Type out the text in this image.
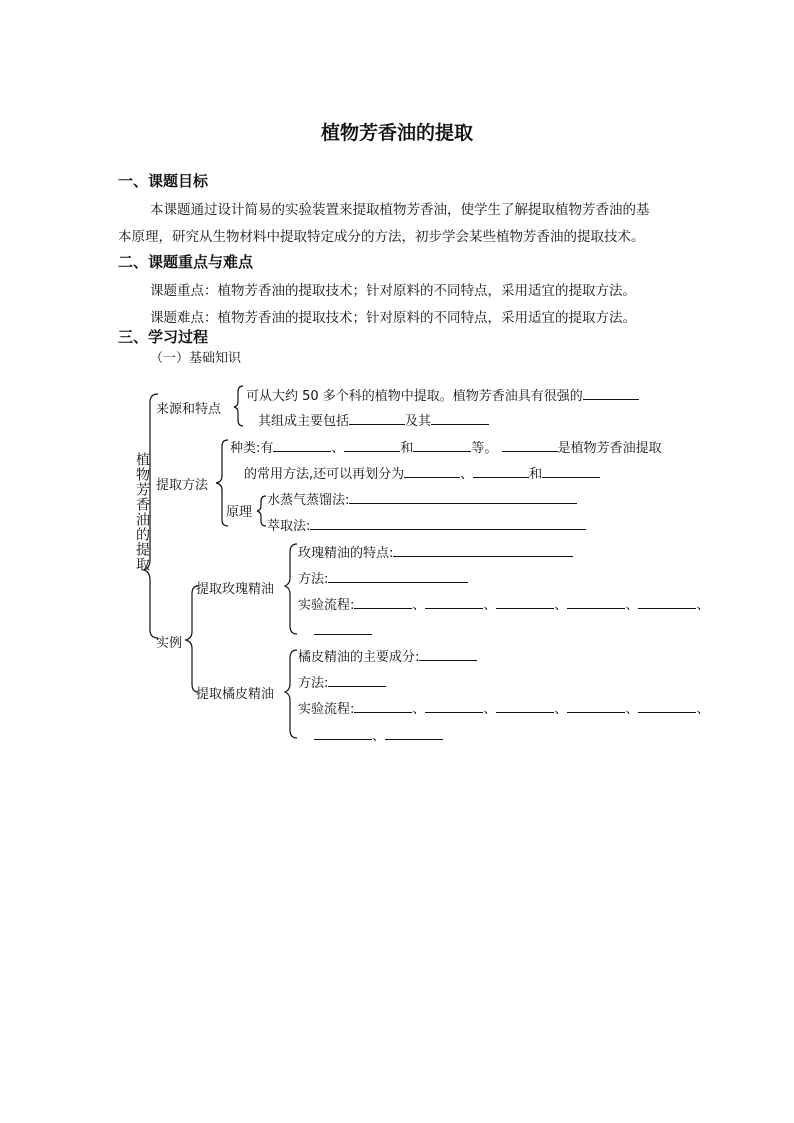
植物芳香油的提取
一、课题目标
本课题通过设计简易的实验装置来提取植物芳香油，使学生了解提取植物芳香油的基
本原理，研究从生物材料中提取特定成分的方法，初步学会某些植物芳香油的提取技术。
二、课题重点与难点
课题重点：植物芳香油的提取技术；针对原料的不同特点，采用适宜的提取方法。
课题难点：植物芳香油的提取技术；针对原料的不同特点，采用适宜的提取方法。
三、学习过程
（一）基础知识
植物芳香油的提取
来源和特点
可从大约 50 多个科的植物中提取。植物芳香油具有很强的
其组成主要包括	及其
提取方法
种类:有	、	和	等。	是植物芳香油提取
的常用方法,还可以再划分为	、	和
原理
水蒸气蒸馏法:
萃取法:
实例
提取玫瑰精油
玫瑰精油的特点:
方法:
实验流程:	、	、	、	、	、
提取橘皮精油
橘皮精油的主要成分:
方法:
实验流程:	、	、	、	、	、
、
